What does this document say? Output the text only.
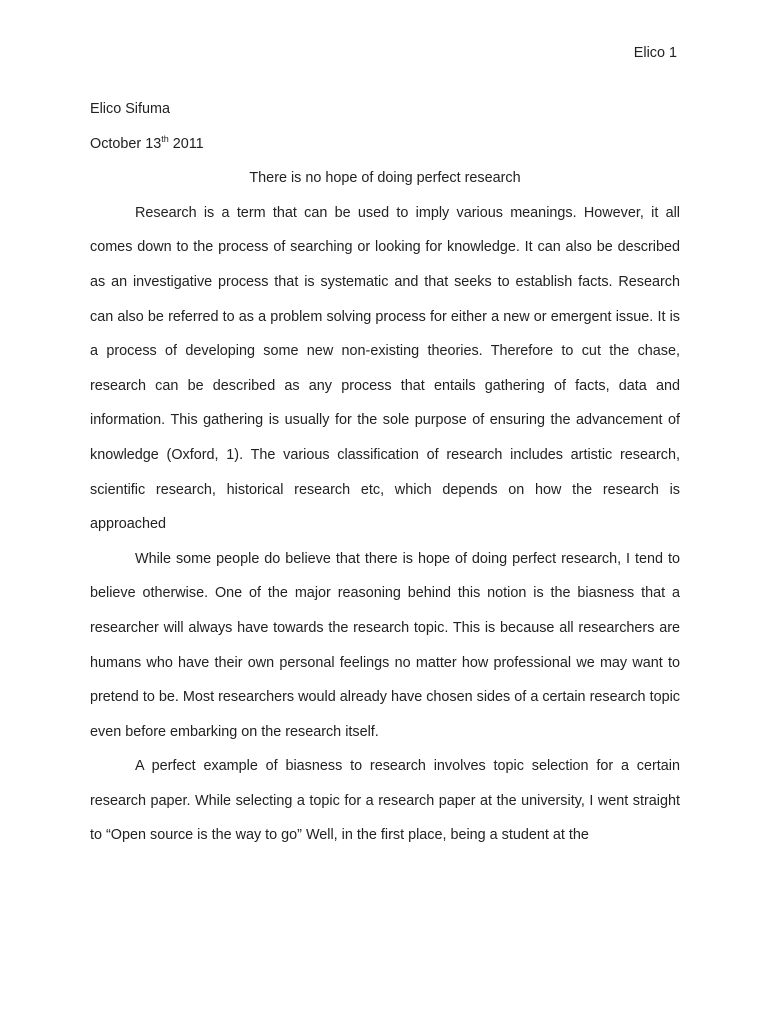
Elico 1

Elico Sifuma

October 13th 2011

There is no hope of doing perfect research

Research is a term that can be used to imply various meanings. However, it all comes down to the process of searching or looking for knowledge. It can also be described as an investigative process that is systematic and that seeks to establish facts. Research can also be referred to as a problem solving process for either a new or emergent issue. It is a process of developing some new non-existing theories. Therefore to cut the chase, research can be described as any process that entails gathering of facts, data and information. This gathering is usually for the sole purpose of ensuring the advancement of knowledge (Oxford, 1). The various classification of research includes artistic research, scientific research, historical research etc, which depends on how the research is approached

While some people do believe that there is hope of doing perfect research, I tend to believe otherwise. One of the major reasoning behind this notion is the biasness that a researcher will always have towards the research topic. This is because all researchers are humans who have their own personal feelings no matter how professional we may want to pretend to be. Most researchers would already have chosen sides of a certain research topic even before embarking on the research itself.

A perfect example of biasness to research involves topic selection for a certain research paper. While selecting a topic for a research paper at the university, I went straight to “Open source is the way to go” Well, in the first place, being a student at the
